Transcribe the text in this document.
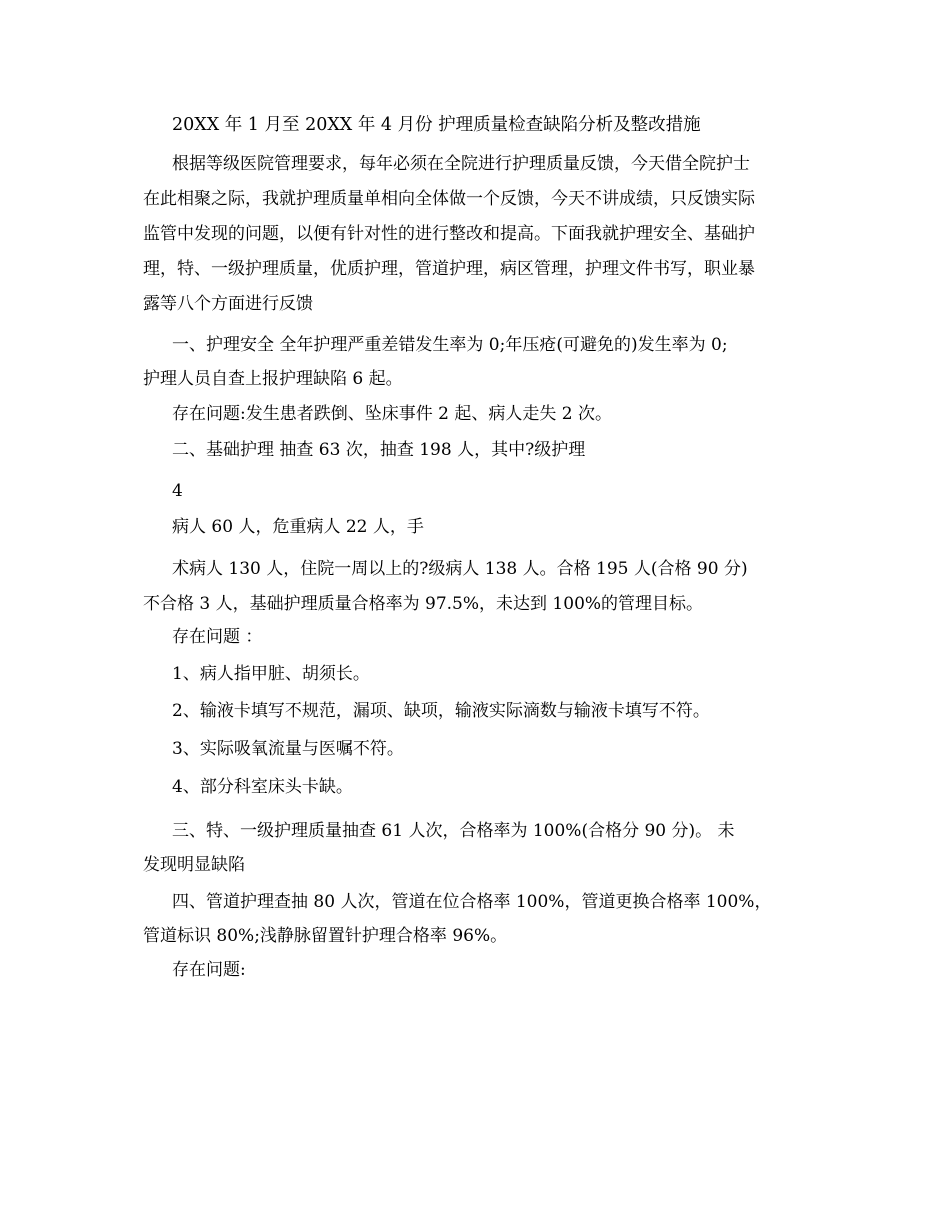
20XX 年 1 月至 20XX 年 4 月份 护理质量检查缺陷分析及整改措施

根据等级医院管理要求，每年必须在全院进行护理质量反馈，今天借全院护士

在此相聚之际，我就护理质量单相向全体做一个反馈，今天不讲成绩，只反馈实际

监管中发现的问题，以便有针对性的进行整改和提高。下面我就护理安全、基础护

理，特、一级护理质量，优质护理，管道护理，病区管理，护理文件书写，职业暴

露等八个方面进行反馈

一、护理安全 全年护理严重差错发生率为 0;年压疮(可避免的)发生率为 0;

护理人员自查上报护理缺陷 6 起。

存在问题:发生患者跌倒、坠床事件 2 起、病人走失 2 次。

二、基础护理 抽查 63 次，抽查 198 人，其中?级护理

4

病人 60 人，危重病人 22 人，手

术病人 130 人，住院一周以上的?级病人 138 人。合格 195 人(合格 90 分)

不合格 3 人，基础护理质量合格率为 97.5%，未达到 100%的管理目标。

存在问题 ：

1、病人指甲脏、胡须长。

2、输液卡填写不规范，漏项、缺项，输液实际滴数与输液卡填写不符。

3、实际吸氧流量与医嘱不符。

4、部分科室床头卡缺。

三、特、一级护理质量抽查 61 人次，合格率为 100%(合格分 90 分)。 未

发现明显缺陷

四、管道护理查抽 80 人次，管道在位合格率 100%，管道更换合格率 100%，

管道标识 80%;浅静脉留置针护理合格率 96%。

存在问题:
